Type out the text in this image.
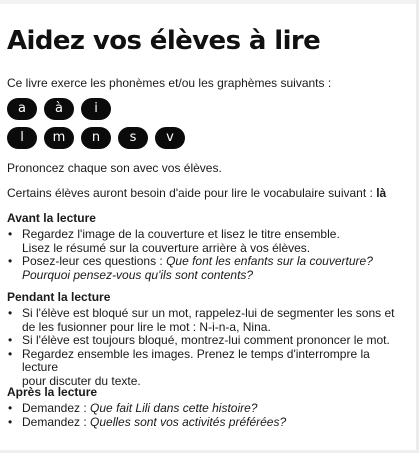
Aidez vos élèves à lire

Ce livre exerce les phonèmes et/ou les graphèmes suivants :

a à i
l m n s v

Prononcez chaque son avec vos élèves.

Certains élèves auront besoin d'aide pour lire le vocabulaire suivant : là

Avant la lecture

• Regardez l'image de la couverture et lisez le titre ensemble.
Lisez le résumé sur la couverture arrière à vos élèves.
• Posez-leur ces questions : Que font les enfants sur la couverture?
Pourquoi pensez-vous qu'ils sont contents?

Pendant la lecture

• Si l'élève est bloqué sur un mot, rappelez-lui de segmenter les sons et
de les fusionner pour lire le mot : N-i-n-a, Nina.
• Si l'élève est toujours bloqué, montrez-lui comment prononcer le mot.
• Regardez ensemble les images. Prenez le temps d'interrompre la lecture
pour discuter du texte.

Après la lecture

• Demandez : Que fait Lili dans cette histoire?
• Demandez : Quelles sont vos activités préférées?
